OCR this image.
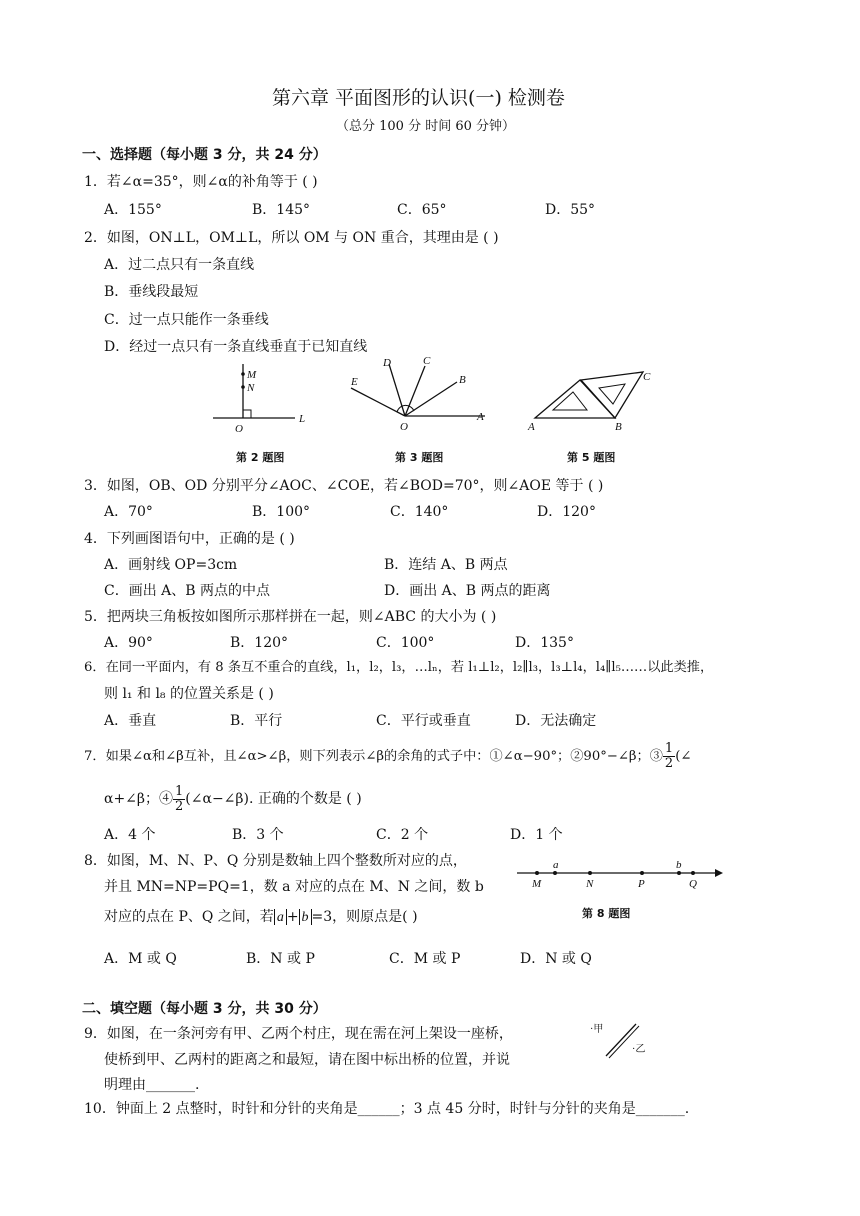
第六章 平面图形的认识(一) 检测卷
（总分 100 分 时间 60 分钟）
一、选择题（每小题 3 分，共 24 分）
1．若∠α=35°，则∠α的补角等于 ( )
A．155°	B．145°	C．65°	D．55°
2．如图，ON⊥L，OM⊥L，所以 OM 与 ON 重合，其理由是 ( )
A．过二点只有一条直线
B．垂线段最短
C．过一点只能作一条垂线
D．经过一点只有一条直线垂直于已知直线
M
N
O
L
第 2 题图
D	C
E	B
O
A
第 3 题图
C
A	B
第 5 题图
3．如图，OB、OD 分别平分∠AOC、∠COE，若∠BOD=70°，则∠AOE 等于 ( )
A．70°	B．100°	C．140°	D．120°
4．下列画图语句中，正确的是 ( )
A．画射线 OP=3cm	B．连结 A、B 两点
C．画出 A、B 两点的中点	D．画出 A、B 两点的距离
5．把两块三角板按如图所示那样拼在一起，则∠ABC 的大小为 ( )
A．90°	B．120°	C．100°	D．135°
6．在同一平面内，有 8 条互不重合的直线，l₁，l₂，l₃，…lₙ，若 l₁⊥l₂，l₂∥l₃，l₃⊥l₄，l₄∥l₅……以此类推，
则 l₁ 和 l₈ 的位置关系是 ( )
A．垂直	B．平行	C．平行或垂直	D．无法确定
7．如果∠α和∠β互补，且∠α>∠β，则下列表示∠β的余角的式子中：①∠α−90°；②90°−∠β；③ $\frac{1}{2}$ (∠
α+∠β；④ $\frac{1}{2}$ (∠α−∠β). 正确的个数是 ( )
A．4 个	B．3 个	C．2 个	D．1 个
8．如图，M、N、P、Q 分别是数轴上四个整数所对应的点，
并且 MN=NP=PQ=1，数 a 对应的点在 M、N 之间，数 b
对应的点在 P、Q 之间，若 a + b =3，则原点是( )
A．M 或 Q	B．N 或 P	C．M 或 P	D．N 或 Q
a	b
M	N	P	Q
第 8 题图
二、填空题（每小题 3 分，共 30 分）
9．如图，在一条河旁有甲、乙两个村庄，现在需在河上架设一座桥，
使桥到甲、乙两村的距离之和最短，请在图中标出桥的位置，并说
明理由_______.
·甲
·乙
10．钟面上 2 点整时，时针和分针的夹角是______；3 点 45 分时，时针与分针的夹角是_______.
